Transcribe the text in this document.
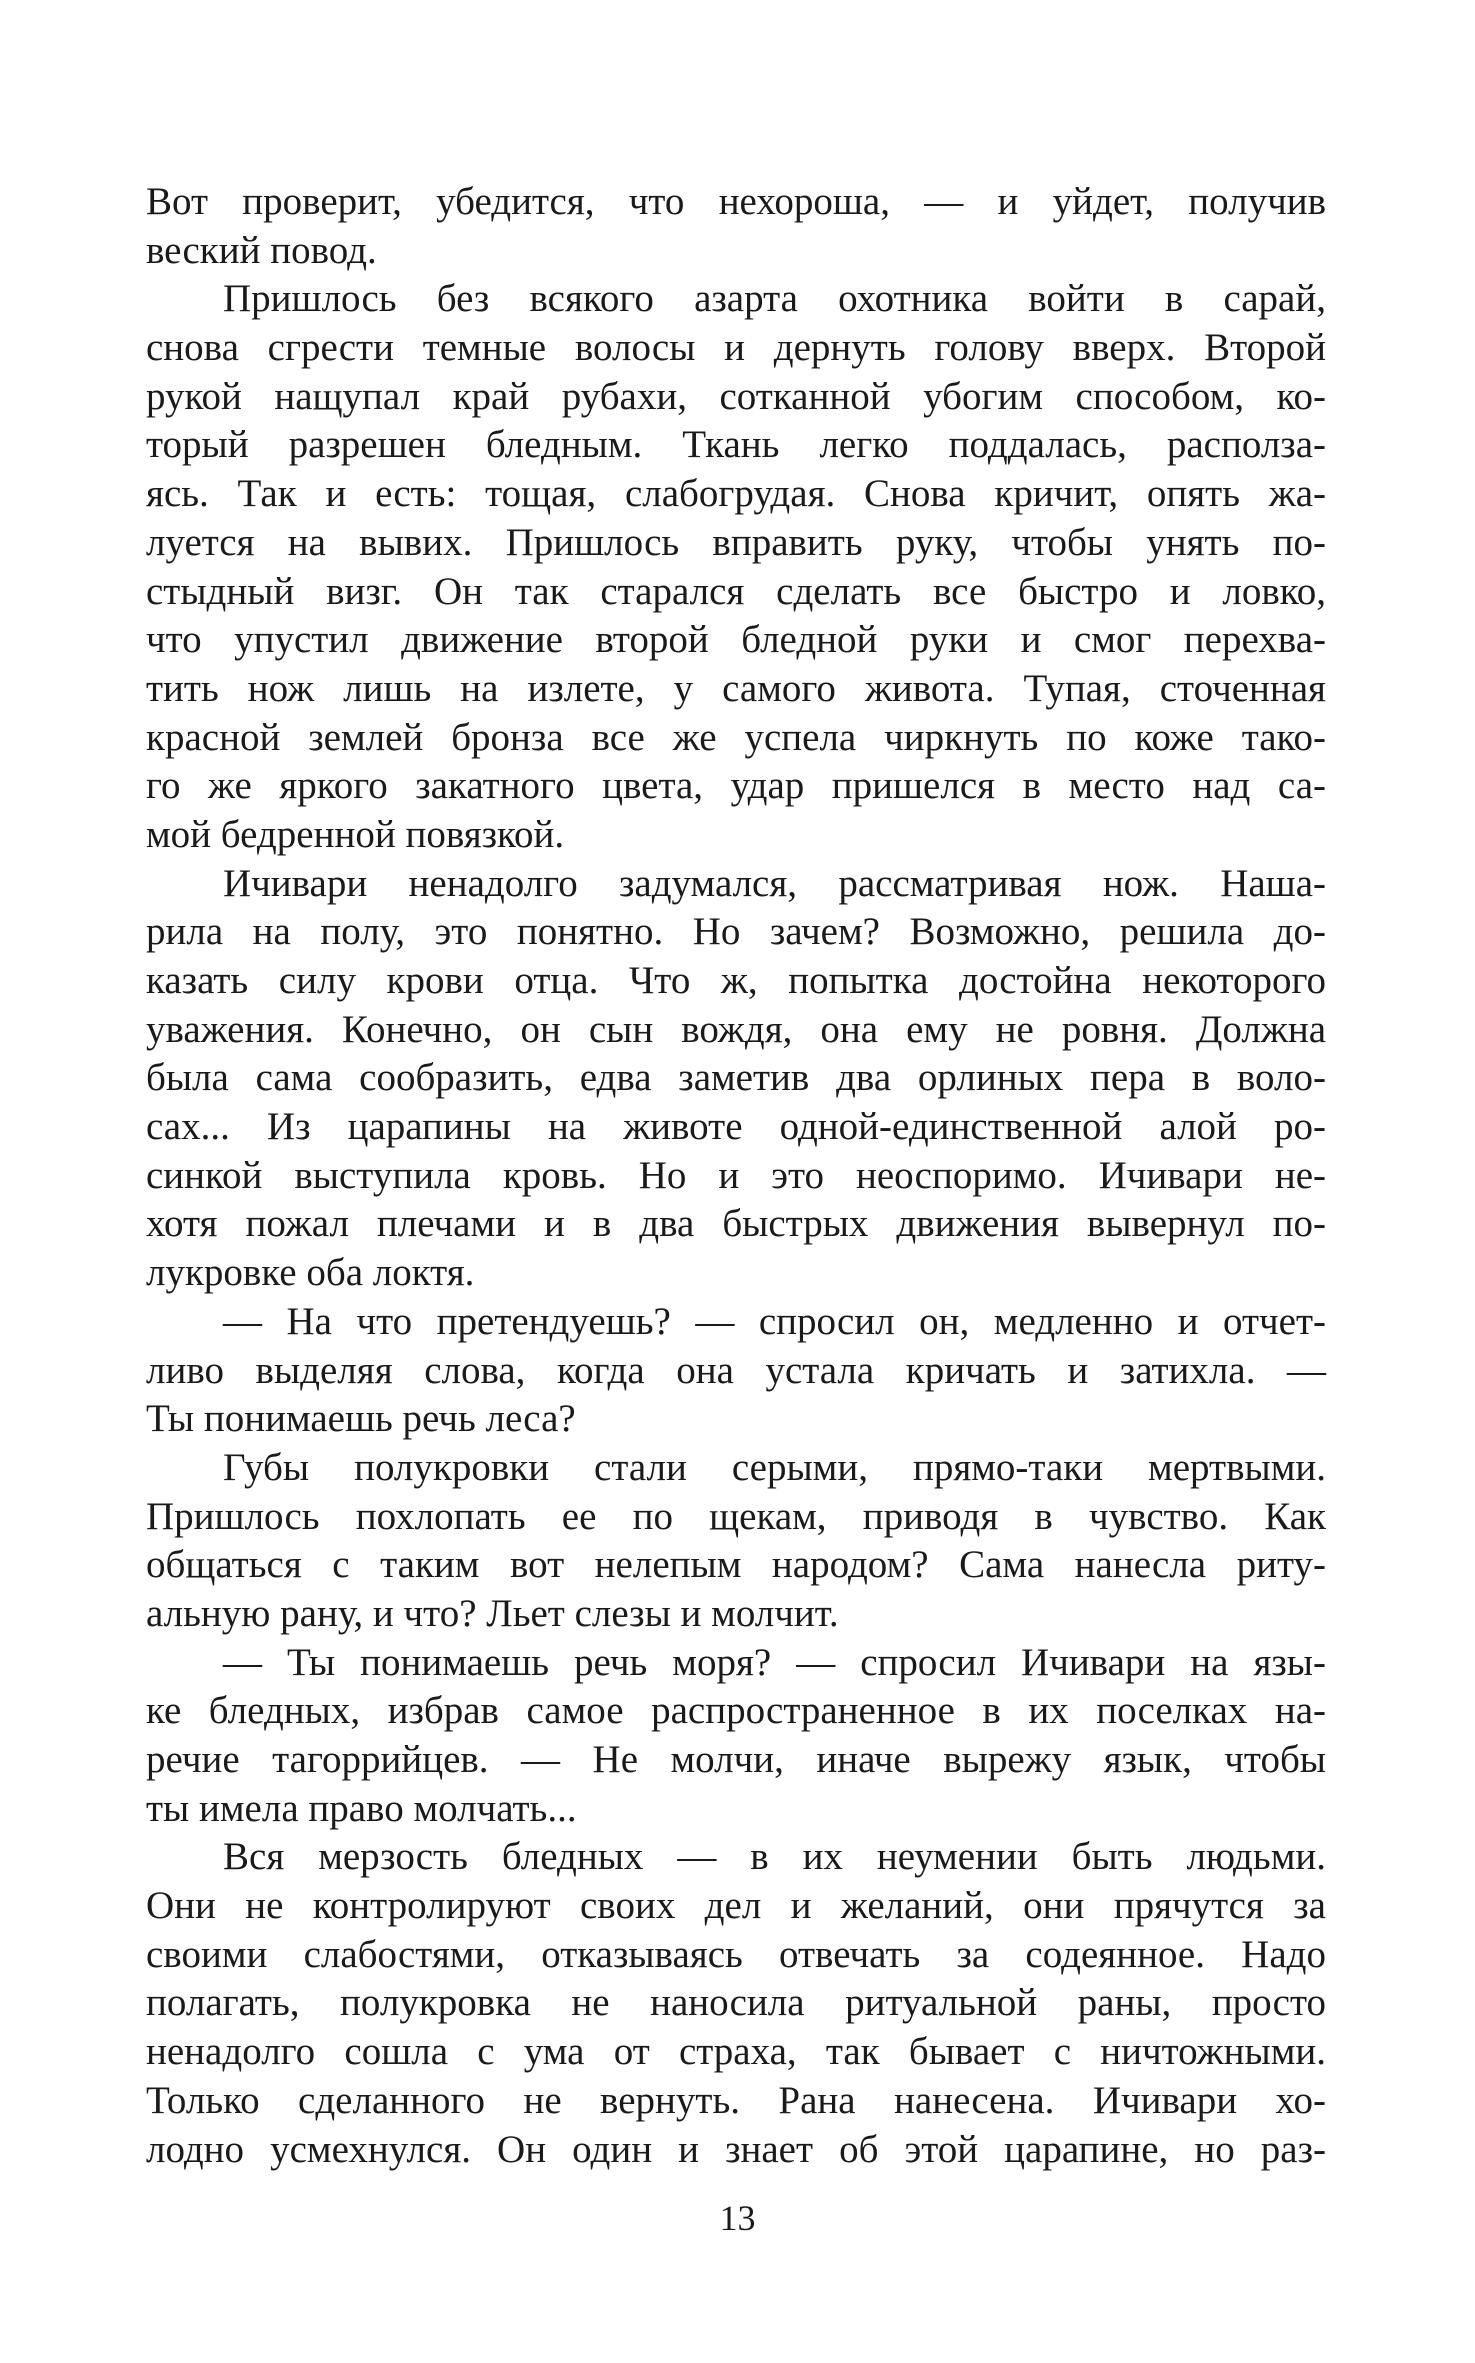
Вот проверит, убедится, что нехороша, — и уйдет, получив
веский повод.
Пришлось без всякого азарта охотника войти в сарай,
снова сгрести темные волосы и дернуть голову вверх. Второй
рукой нащупал край рубахи, сотканной убогим способом, ко-
торый разрешен бледным. Ткань легко поддалась, располза-
ясь. Так и есть: тощая, слабогрудая. Снова кричит, опять жа-
луется на вывих. Пришлось вправить руку, чтобы унять по-
стыдный визг. Он так старался сделать все быстро и ловко,
что упустил движение второй бледной руки и смог перехва-
тить нож лишь на излете, у самого живота. Тупая, сточенная
красной землей бронза все же успела чиркнуть по коже тако-
го же яркого закатного цвета, удар пришелся в место над са-
мой бедренной повязкой.
Ичивари ненадолго задумался, рассматривая нож. Наша-
рила на полу, это понятно. Но зачем? Возможно, решила до-
казать силу крови отца. Что ж, попытка достойна некоторого
уважения. Конечно, он сын вождя, она ему не ровня. Должна
была сама сообразить, едва заметив два орлиных пера в воло-
сах... Из царапины на животе одной-единственной алой ро-
синкой выступила кровь. Но и это неоспоримо. Ичивари не-
хотя пожал плечами и в два быстрых движения вывернул по-
лукровке оба локтя.
— На что претендуешь? — спросил он, медленно и отчет-
ливо выделяя слова, когда она устала кричать и затихла. —
Ты понимаешь речь леса?
Губы полукровки стали серыми, прямо-таки мертвыми.
Пришлось похлопать ее по щекам, приводя в чувство. Как
общаться с таким вот нелепым народом? Сама нанесла риту-
альную рану, и что? Льет слезы и молчит.
— Ты понимаешь речь моря? — спросил Ичивари на язы-
ке бледных, избрав самое распространенное в их поселках на-
речие тагоррийцев. — Не молчи, иначе вырежу язык, чтобы
ты имела право молчать...
Вся мерзость бледных — в их неумении быть людьми.
Они не контролируют своих дел и желаний, они прячутся за
своими слабостями, отказываясь отвечать за содеянное. Надо
полагать, полукровка не наносила ритуальной раны, просто
ненадолго сошла с ума от страха, так бывает с ничтожными.
Только сделанного не вернуть. Рана нанесена. Ичивари хо-
лодно усмехнулся. Он один и знает об этой царапине, но раз-
13
